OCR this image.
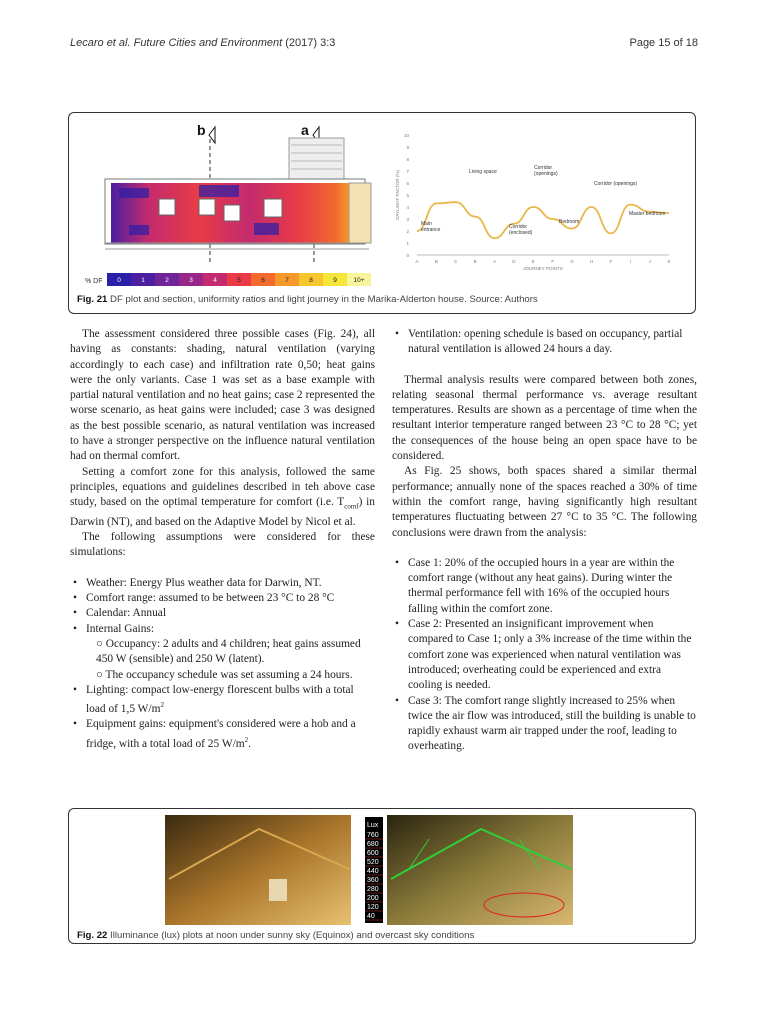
Lecaro et al. Future Cities and Environment (2017) 3:3	Page 15 of 18
b	a
% DF 0	1	2	3	4	5	6	7	8	9	10+
0
1
2
3
4
5
6
7
8
9
10
A	B	C	B	A	D	E	F	G	H	F	I	J	K
JOURNEY POINTS
DAYLIGHT FACTOR (%)	Living space
Corridor
(openings)
Corridor (openings)
Main
entrance	Corridor
(enclosed)
Bedroom
Master bedroom
Fig. 21 DF plot and section, uniformity ratios and light journey in the Marika-Alderton house. Source: Authors

The assessment considered three possible cases (Fig. 24), all having as constants: shading, natural ventilation (varying accordingly to each case) and infiltration rate 0,50; heat gains were the only variants. Case 1 was set as a base example with partial natural ventilation and no heat gains; case 2 represented the worse scenario, as heat gains were included; case 3 was designed as the best possible scenario, as natural ventilation was increased to have a stronger perspective on the influence natural ventilation had on thermal comfort.

Setting a comfort zone for this analysis, followed the same principles, equations and guidelines described in teh above case study, based on the optimal temperature for comfort (i.e. $T_{comf}$) in Darwin (NT), and based on the Adaptive Model by Nicol et al.

The following assumptions were considered for these simulations:

• Weather: Energy Plus weather data for Darwin, NT.
• Comfort range: assumed to be between 23 °C to 28 °C
• Calendar: Annual
• Internal Gains:
○ Occupancy: 2 adults and 4 children; heat gains assumed 450 W (sensible) and 250 W (latent).
○ The occupancy schedule was set assuming a 24 hours.
• Lighting: compact low-energy florescent bulbs with a total load of 1,5 $W/m^2$
• Equipment gains: equipment's considered were a hob and a fridge, with a total load of 25 $W/m^2$.
• Ventilation: opening schedule is based on occupancy, partial natural ventilation is allowed 24 hours a day.

Thermal analysis results were compared between both zones, relating seasonal thermal performance vs. average resultant temperatures. Results are shown as a percentage of time when the resultant interior temperature ranged between 23 °C to 28 °C; yet the consequences of the house being an open space have to be considered.

As Fig. 25 shows, both spaces shared a similar thermal performance; annually none of the spaces reached a 30% of time within the comfort range, having significantly high resultant temperatures fluctuating between 27 °C to 35 °C. The following conclusions were drawn from the analysis:

• Case 1: 20% of the occupied hours in a year are within the comfort range (without any heat gains). During winter the thermal performance fell with 16% of the occupied hours falling within the comfort zone.
• Case 2: Presented an insignificant improvement when compared to Case 1; only a 3% increase of the time within the comfort zone was experienced when natural ventilation was introduced; overheating could be experienced and extra cooling is needed.
• Case 3: The comfort range slightly increased to 25% when twice the air flow was introduced, still the building is unable to rapidly exhaust warm air trapped under the roof, leading to overheating.
Lux
760
680
600
520
440
360
280
200
120
40
Fig. 22 Illuminance (lux) plots at noon under sunny sky (Equinox) and overcast sky conditions
